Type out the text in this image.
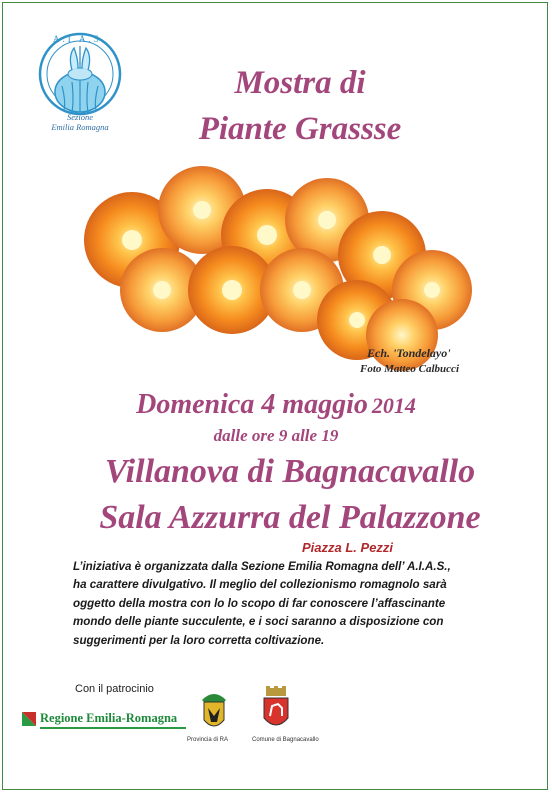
A.I.A.S.
Sezione
Emilia Romagna
Mostra di
Piante Grassse
Ech. 'Tondelayo'
Foto Matteo Calbucci
Domenica 4 maggio 2014
dalle ore 9 alle 19
Villanova di Bagnacavallo
Sala Azzurra del Palazzone
Piazza L. Pezzi
L’iniziativa è organizzata dalla Sezione Emilia Romagna dell’ A.I.A.S.,
ha carattere divulgativo. Il meglio del collezionismo romagnolo sarà
oggetto della mostra con lo lo scopo di far conoscere l’affascinante
mondo delle piante succulente, e i soci saranno a disposizione con
suggerimenti per la loro corretta coltivazione.
Con il patrocinio
Regione Emilia-Romagna
Provincia di RA	Comune di Bagnacavallo
